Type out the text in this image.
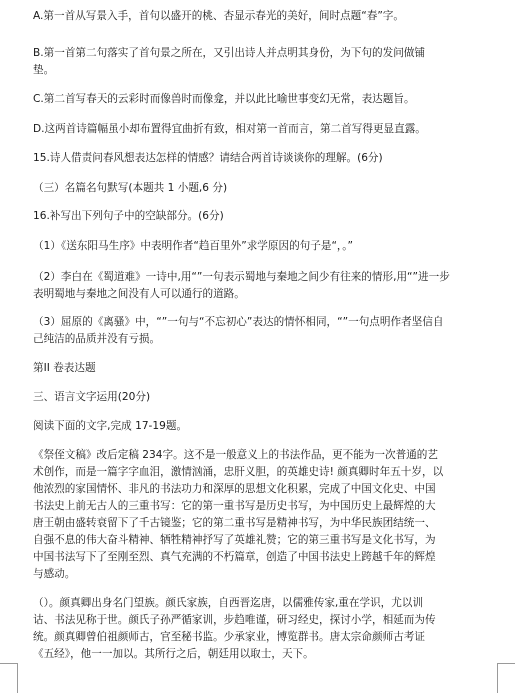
A.第一首从写景入手，首句以盛开的桃、杏显示春光的美好，间时点题“春”字。
B.第一首第二句落实了首句景之所在，又引出诗人并点明其身份，为下句的发问做铺
垫。
C.第二首写春天的云彩时而像兽时而像龛，并以此比喻世事变幻无常，表达题旨。
D.这两首诗篇幅虽小却布置得宜曲折有致，相对第一首而言，第二首写得更显直露。
15.诗人借责问春风想表达怎样的情感？请结合两首诗谈谈你的理解。(6分)
（三）名篇名句默写(本题共 1 小题,6 分)
16.补写出下列句子中的空缺部分。(6分)
（1）《送东阳马生序》中表明作者“趋百里外”求学原因的句子是“，。”
（2）李白在《蜀道难》一诗中,用“”一句表示蜀地与秦地之间少有往来的情形,用“”进一步
表明蜀地与秦地之间没有人可以通行的道路。
（3）屈原的《离骚》中，“”一句与“不忘初心”表达的情怀相同，“”一句点明作者坚信自
己纯洁的品质并没有亏损。
第II 卷表达题
三、语言文字运用(20分)
阅读下面的文字,完成 17-19题。
《祭侄文稿》改后定稿 234字。这不是一般意义上的书法作品，更不能为一次普通的艺
术创作，而是一篇字字血泪，激情汹涌，忠肝义胆，的英雄史诗! 颜真卿时年五十岁，以
他浓烈的家国情怀、非凡的书法功力和深厚的思想文化积累，完成了中国文化史、中国
书法史上前无古人的三重书写：它的第一重书写是历史书写，为中国历史上最辉煌的大
唐王朝由盛转衰留下了千古镜鉴；它的第二重书写是精神书写，为中华民族团结统一、
自强不息的伟大奋斗精神、牺牲精神抒写了英雄礼赞；它的第三重书写是文化书写，为
中国书法写下了至刚至烈、真气充满的不朽篇章，创造了中国书法史上跨越千年的辉煌
与感动。
（）。颜真卿出身名门望族。颜氏家族，自西晋迄唐，以儒雅传家,重在学识，尤以训
诂、书法见称于世。颜氏子孙严循家训，步趋唯谨，研习经史，探讨小学，相延而为传
统。颜真卿曾伯祖颜师古，官至秘书监。少承家业，博览群书。唐太宗命颜师古考证
《五经》，他一一加以。其所行之后，朝廷用以取士，天下。
